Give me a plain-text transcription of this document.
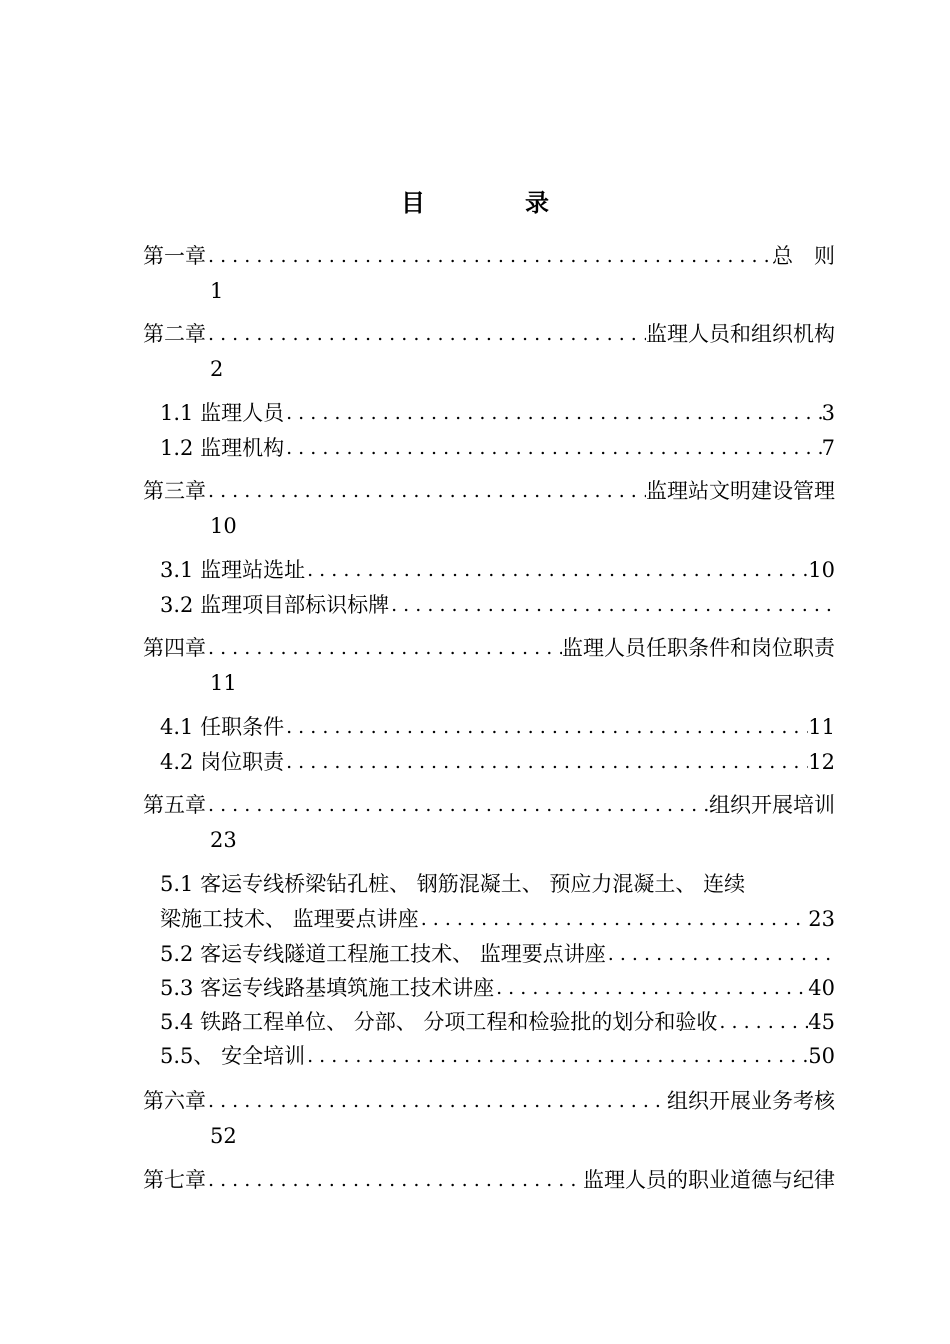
目　录
第一章 . . .	总　则
1
第二章 . . .	监理人员和组织机构
2
1.1 监理人员 . . .	3
1.2 监理机构 . . .	7
第三章 . . .	监理站文明建设管理
10
3.1 监理站选址 . . .	10
3.2 监理项目部标识标牌
. . .
第四章 . . .	监理人员任职条件和岗位职责
11
4.1 任职条件 . . .	11
4.2 岗位职责 . . .	12
第五章 . . .	组织开展培训
23
5.1 客运专线桥梁钻孔桩、 钢筋混凝土、 预应力混凝土、 连续
梁施工技术、 监理要点讲座 . . .	23
5.2 客运专线隧道工程施工技术、 监理要点讲座
. . .
5.3 客运专线路基填筑施工技术讲座 . . .	40
5.4 铁路工程单位、 分部、 分项工程和检验批的划分和验收 . . .	45
5.5、 安全培训 . . .	50
第六章 . . .	组织开展业务考核
52
第七章 . . .	监理人员的职业道德与纪律
